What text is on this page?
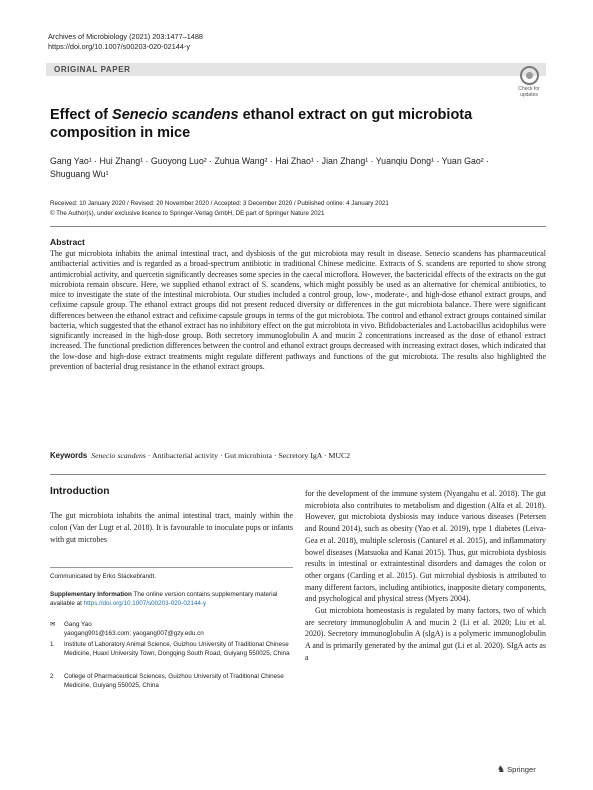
Archives of Microbiology (2021) 203:1477–1488
https://doi.org/10.1007/s00203-020-02144-y
ORIGINAL PAPER
Check for updates
Effect of Senecio scandens ethanol extract on gut microbiota composition in mice
Gang Yao¹ · Hui Zhang¹ · Guoyong Luo² · Zuhua Wang² · Hai Zhao¹ · Jian Zhang¹ · Yuanqiu Dong¹ · Yuan Gao² ·
Shuguang Wu¹
Received: 10 January 2020 / Revised: 20 November 2020 / Accepted: 3 December 2020 / Published online: 4 January 2021
© The Author(s), under exclusive licence to Springer-Verlag GmbH, DE part of Springer Nature 2021
Abstract
The gut microbiota inhabits the animal intestinal tract, and dysbiosis of the gut microbiota may result in disease. Senecio scandens has pharmaceutical antibacterial activities and is regarded as a broad-spectrum antibiotic in traditional Chinese medicine. Extracts of S. scandens are reported to show strong antimicrobial activity, and quercetin significantly decreases some species in the caecal microflora. However, the bactericidal effects of the extracts on the gut microbiota remain obscure. Here, we supplied ethanol extract of S. scandens, which might possibly be used as an alternative for chemical antibiotics, to mice to investigate the state of the intestinal microbiota. Our studies included a control group, low-, moderate-, and high-dose ethanol extract groups, and cefixime capsule group. The ethanol extract groups did not present reduced diversity or differences in the gut microbiota balance. There were significant differences between the ethanol extract and cefixime capsule groups in terms of the gut microbiota. The control and ethanol extract groups contained similar bacteria, which suggested that the ethanol extract has no inhibitory effect on the gut microbiota in vivo. Bifidobacteriales and Lactobacillus acidophilus were significantly increased in the high-dose group. Both secretory immunoglobulin A and mucin 2 concentrations increased as the dose of ethanol extract increased. The functional prediction differences between the control and ethanol extract groups decreased with increasing extract doses, which indicated that the low-dose and high-dose extract treatments might regulate different pathways and functions of the gut microbiota. The results also highlighted the prevention of bacterial drug resistance in the ethanol extract groups.
Keywords Senecio scandens · Antibacterial activity · Gut microbiota · Secretory IgA · MUC2
Introduction
The gut microbiota inhabits the animal intestinal tract, mainly within the colon (Van der Lugt et al. 2018). It is favourable to inoculate pups or infants with gut microbes
Communicated by Erko Stackebrandt.
Supplementary Information The online version contains supplementary material available at https://doi.org/10.1007/s00203-020-02144-y
✉	Gang Yao
yaogang901@163.com; yaogang007@gzy.edu.cn
1	Institute of Laboratory Animal Science, Guizhou University of Traditional Chinese Medicine, Huaxi University Town, Dongqing South Road, Guiyang 550025, China
2	College of Pharmaceutical Sciences, Guizhou University of Traditional Chinese Medicine, Guiyang 550025, China
for the development of the immune system (Nyangahu et al. 2018). The gut microbiota also contributes to metabolism and digestion (Alfa et al. 2018). However, gut microbiota dysbiosis may induce various diseases (Petersen and Round 2014), such as obesity (Yao et al. 2019), type 1 diabetes (Leiva-Gea et al. 2018), multiple sclerosis (Cantarel et al. 2015), and inflammatory bowel diseases (Matsuoka and Kanai 2015). Thus, gut microbiota dysbiosis results in intestinal or extraintestinal disorders and damages the colon or other organs (Carding et al. 2015). Gut microbial dysbiosis is attributed to many different factors, including antibiotics, inapposite dietary components, and psychological and physical stress (Myers 2004).
Gut microbiota homeostasis is regulated by many factors, two of which are secretory immunoglobulin A and mucin 2 (Li et al. 2020; Liu et al. 2020). Secretory immunoglobulin A (sIgA) is a polymeric immunoglobulin A and is primarily generated by the animal gut (Li et al. 2020). SIgA acts as a
♞ Springer
